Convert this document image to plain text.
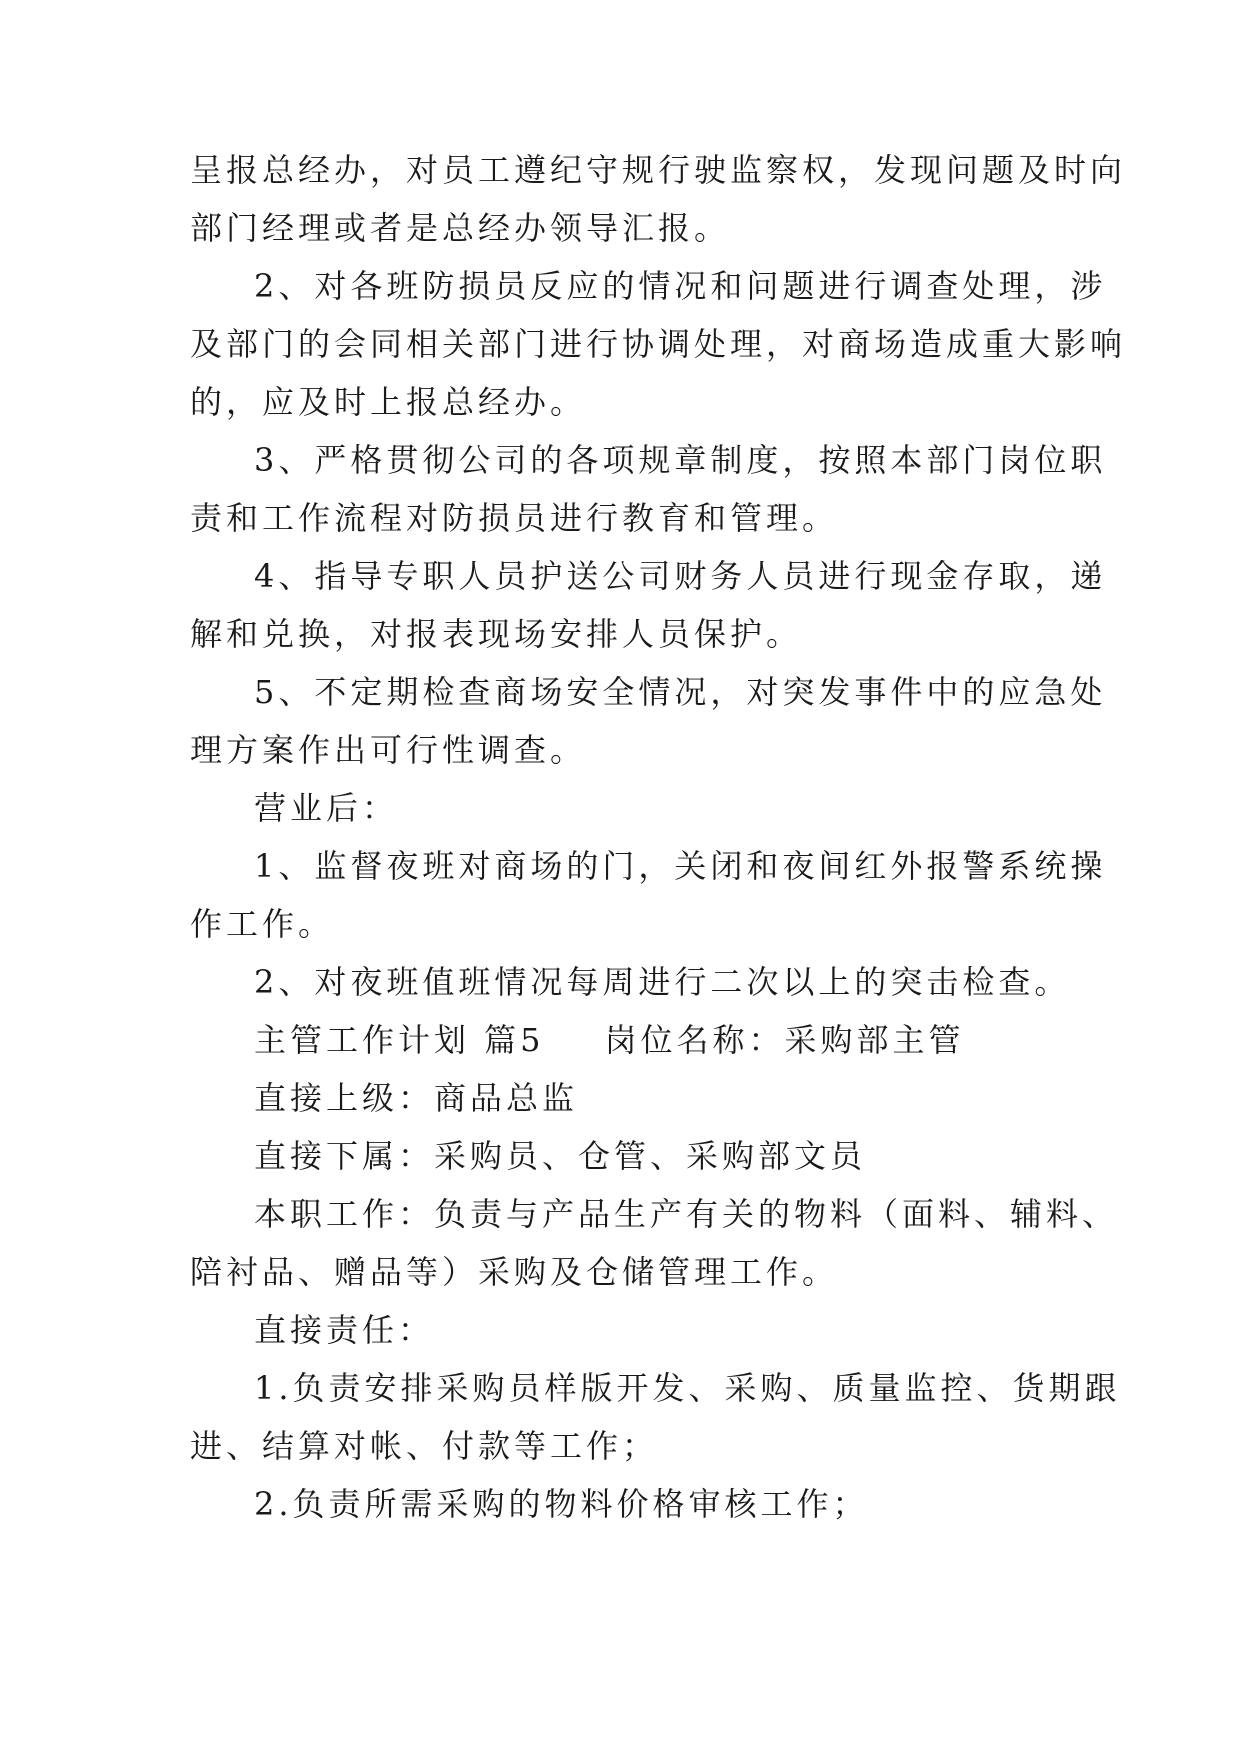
呈报总经办，对员工遵纪守规行驶监察权，发现问题及时向
部门经理或者是总经办领导汇报。
2、对各班防损员反应的情况和问题进行调查处理，涉
及部门的会同相关部门进行协调处理，对商场造成重大影响
的，应及时上报总经办。
3、严格贯彻公司的各项规章制度，按照本部门岗位职
责和工作流程对防损员进行教育和管理。
4、指导专职人员护送公司财务人员进行现金存取，递
解和兑换，对报表现场安排人员保护。
5、不定期检查商场安全情况，对突发事件中的应急处
理方案作出可行性调查。
营业后：
1、监督夜班对商场的门，关闭和夜间红外报警系统操
作工作。
2、对夜班值班情况每周进行二次以上的突击检查。
主管工作计划 篇5 岗位名称：采购部主管
直接上级：商品总监
直接下属：采购员、仓管、采购部文员
本职工作：负责与产品生产有关的物料（面料、辅料、
陪衬品、赠品等）采购及仓储管理工作。
直接责任：
1.负责安排采购员样版开发、采购、质量监控、货期跟
进、结算对帐、付款等工作；
2.负责所需采购的物料价格审核工作；
